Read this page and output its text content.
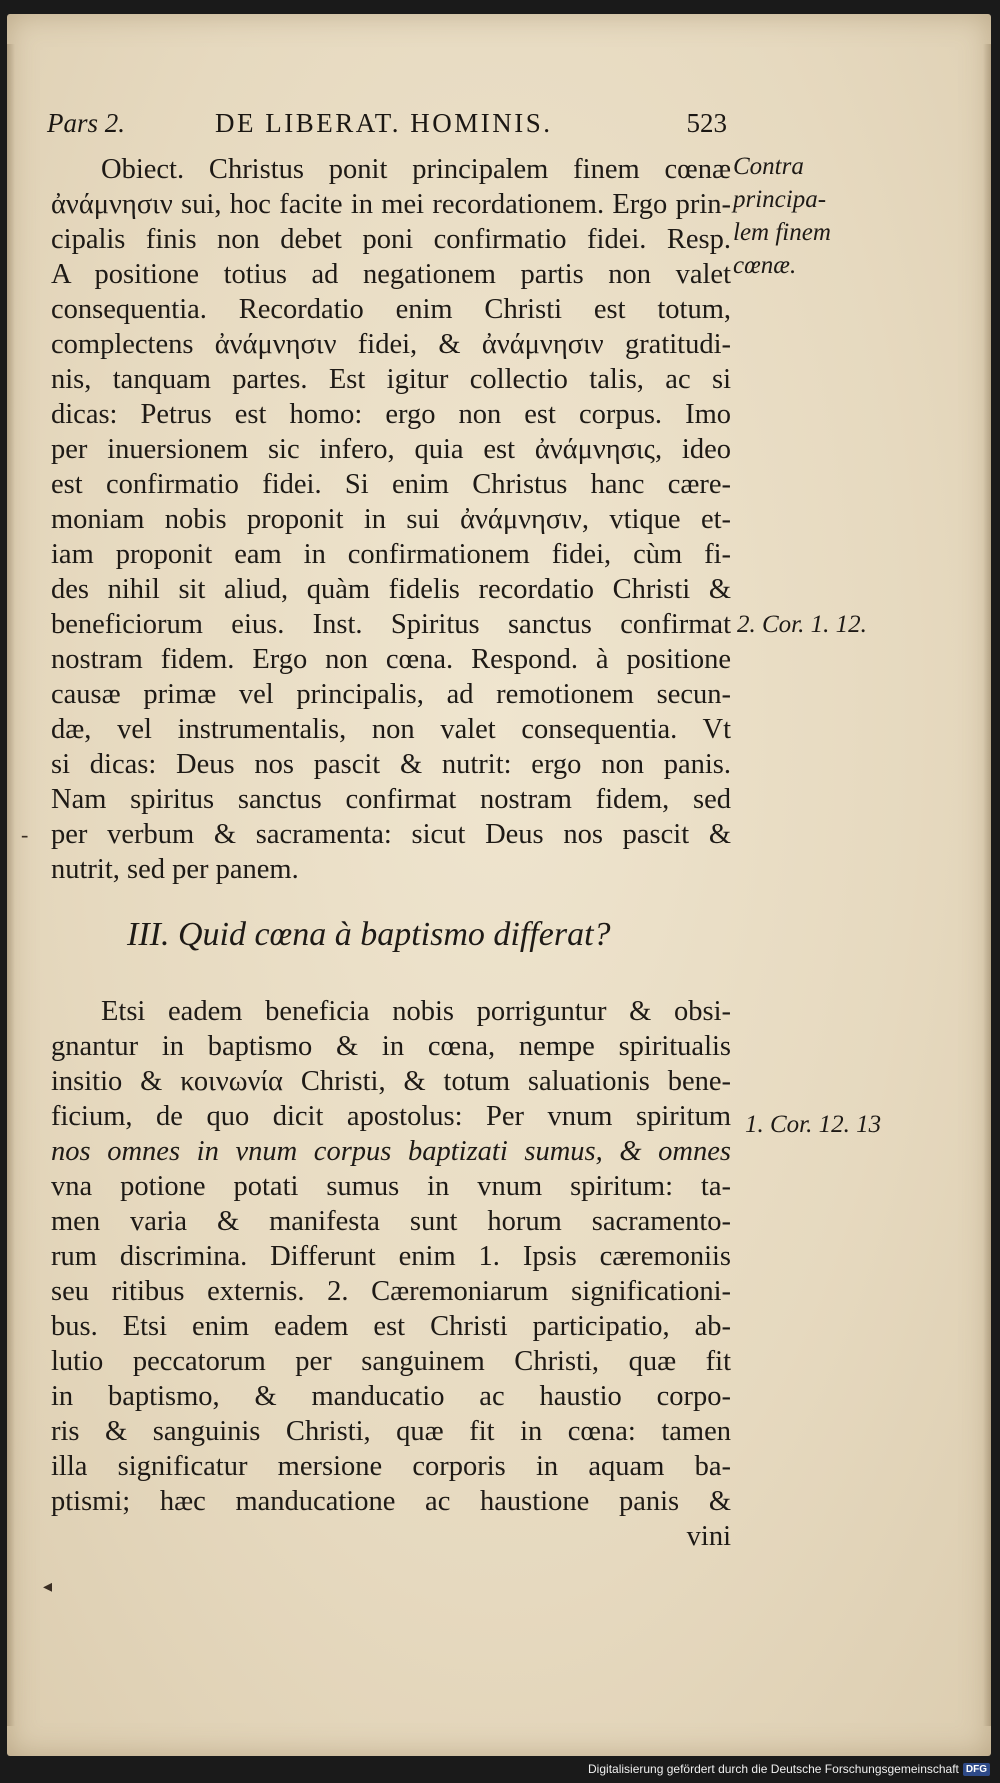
Pars 2.	DE LIBERAT. HOMINIS.	523
Obiect. Christus ponit principalem finem cœnæ
ἀνάμνησιν sui, hoc facite in mei recordationem. Ergo prin-
cipalis finis non debet poni confirmatio fidei. Resp.
A positione totius ad negationem partis non valet
consequentia. Recordatio enim Christi est totum,
complectens ἀνάμνησιν fidei, & ἀνάμνησιν gratitudi-
nis, tanquam partes. Est igitur collectio talis, ac si
dicas: Petrus est homo: ergo non est corpus. Imo
per inuersionem sic infero, quia est ἀνάμνησις, ideo
est confirmatio fidei. Si enim Christus hanc cære-
moniam nobis proponit in sui ἀνάμνησιν, vtique et-
iam proponit eam in confirmationem fidei, cùm fi-
des nihil sit aliud, quàm fidelis recordatio Christi &
beneficiorum eius. Inst. Spiritus sanctus confirmat
nostram fidem. Ergo non cœna. Respond. à positione
causæ primæ vel principalis, ad remotionem secun-
dæ, vel instrumentalis, non valet consequentia. Vt
si dicas: Deus nos pascit & nutrit: ergo non panis.
Nam spiritus sanctus confirmat nostram fidem, sed
per verbum & sacramenta: sicut Deus nos pascit &
nutrit, sed per panem.
III. Quid cœna à baptismo differat?
Etsi eadem beneficia nobis porriguntur & obsi-
gnantur in baptismo & in cœna, nempe spiritualis
insitio & κοινωνία Christi, & totum saluationis bene-
ficium, de quo dicit apostolus: Per vnum spiritum
nos omnes in vnum corpus baptizati sumus, & omnes
vna potione potati sumus in vnum spiritum: ta-
men varia & manifesta sunt horum sacramento-
rum discrimina. Differunt enim 1. Ipsis cæremoniis
seu ritibus externis. 2. Cæremoniarum significationi-
bus. Etsi enim eadem est Christi participatio, ab-
lutio peccatorum per sanguinem Christi, quæ fit
in baptismo, & manducatio ac haustio corpo-
ris & sanguinis Christi, quæ fit in cœna: tamen
illa significatur mersione corporis in aquam ba-
ptismi; hæc manducatione ac haustione panis &
vini
Contra
principa-
lem finem
cœnæ.
2. Cor. 1. 12.
1. Cor. 12. 13
-
◂
Digitalisierung gefördert durch die Deutsche Forschungsgemeinschaft DFG
